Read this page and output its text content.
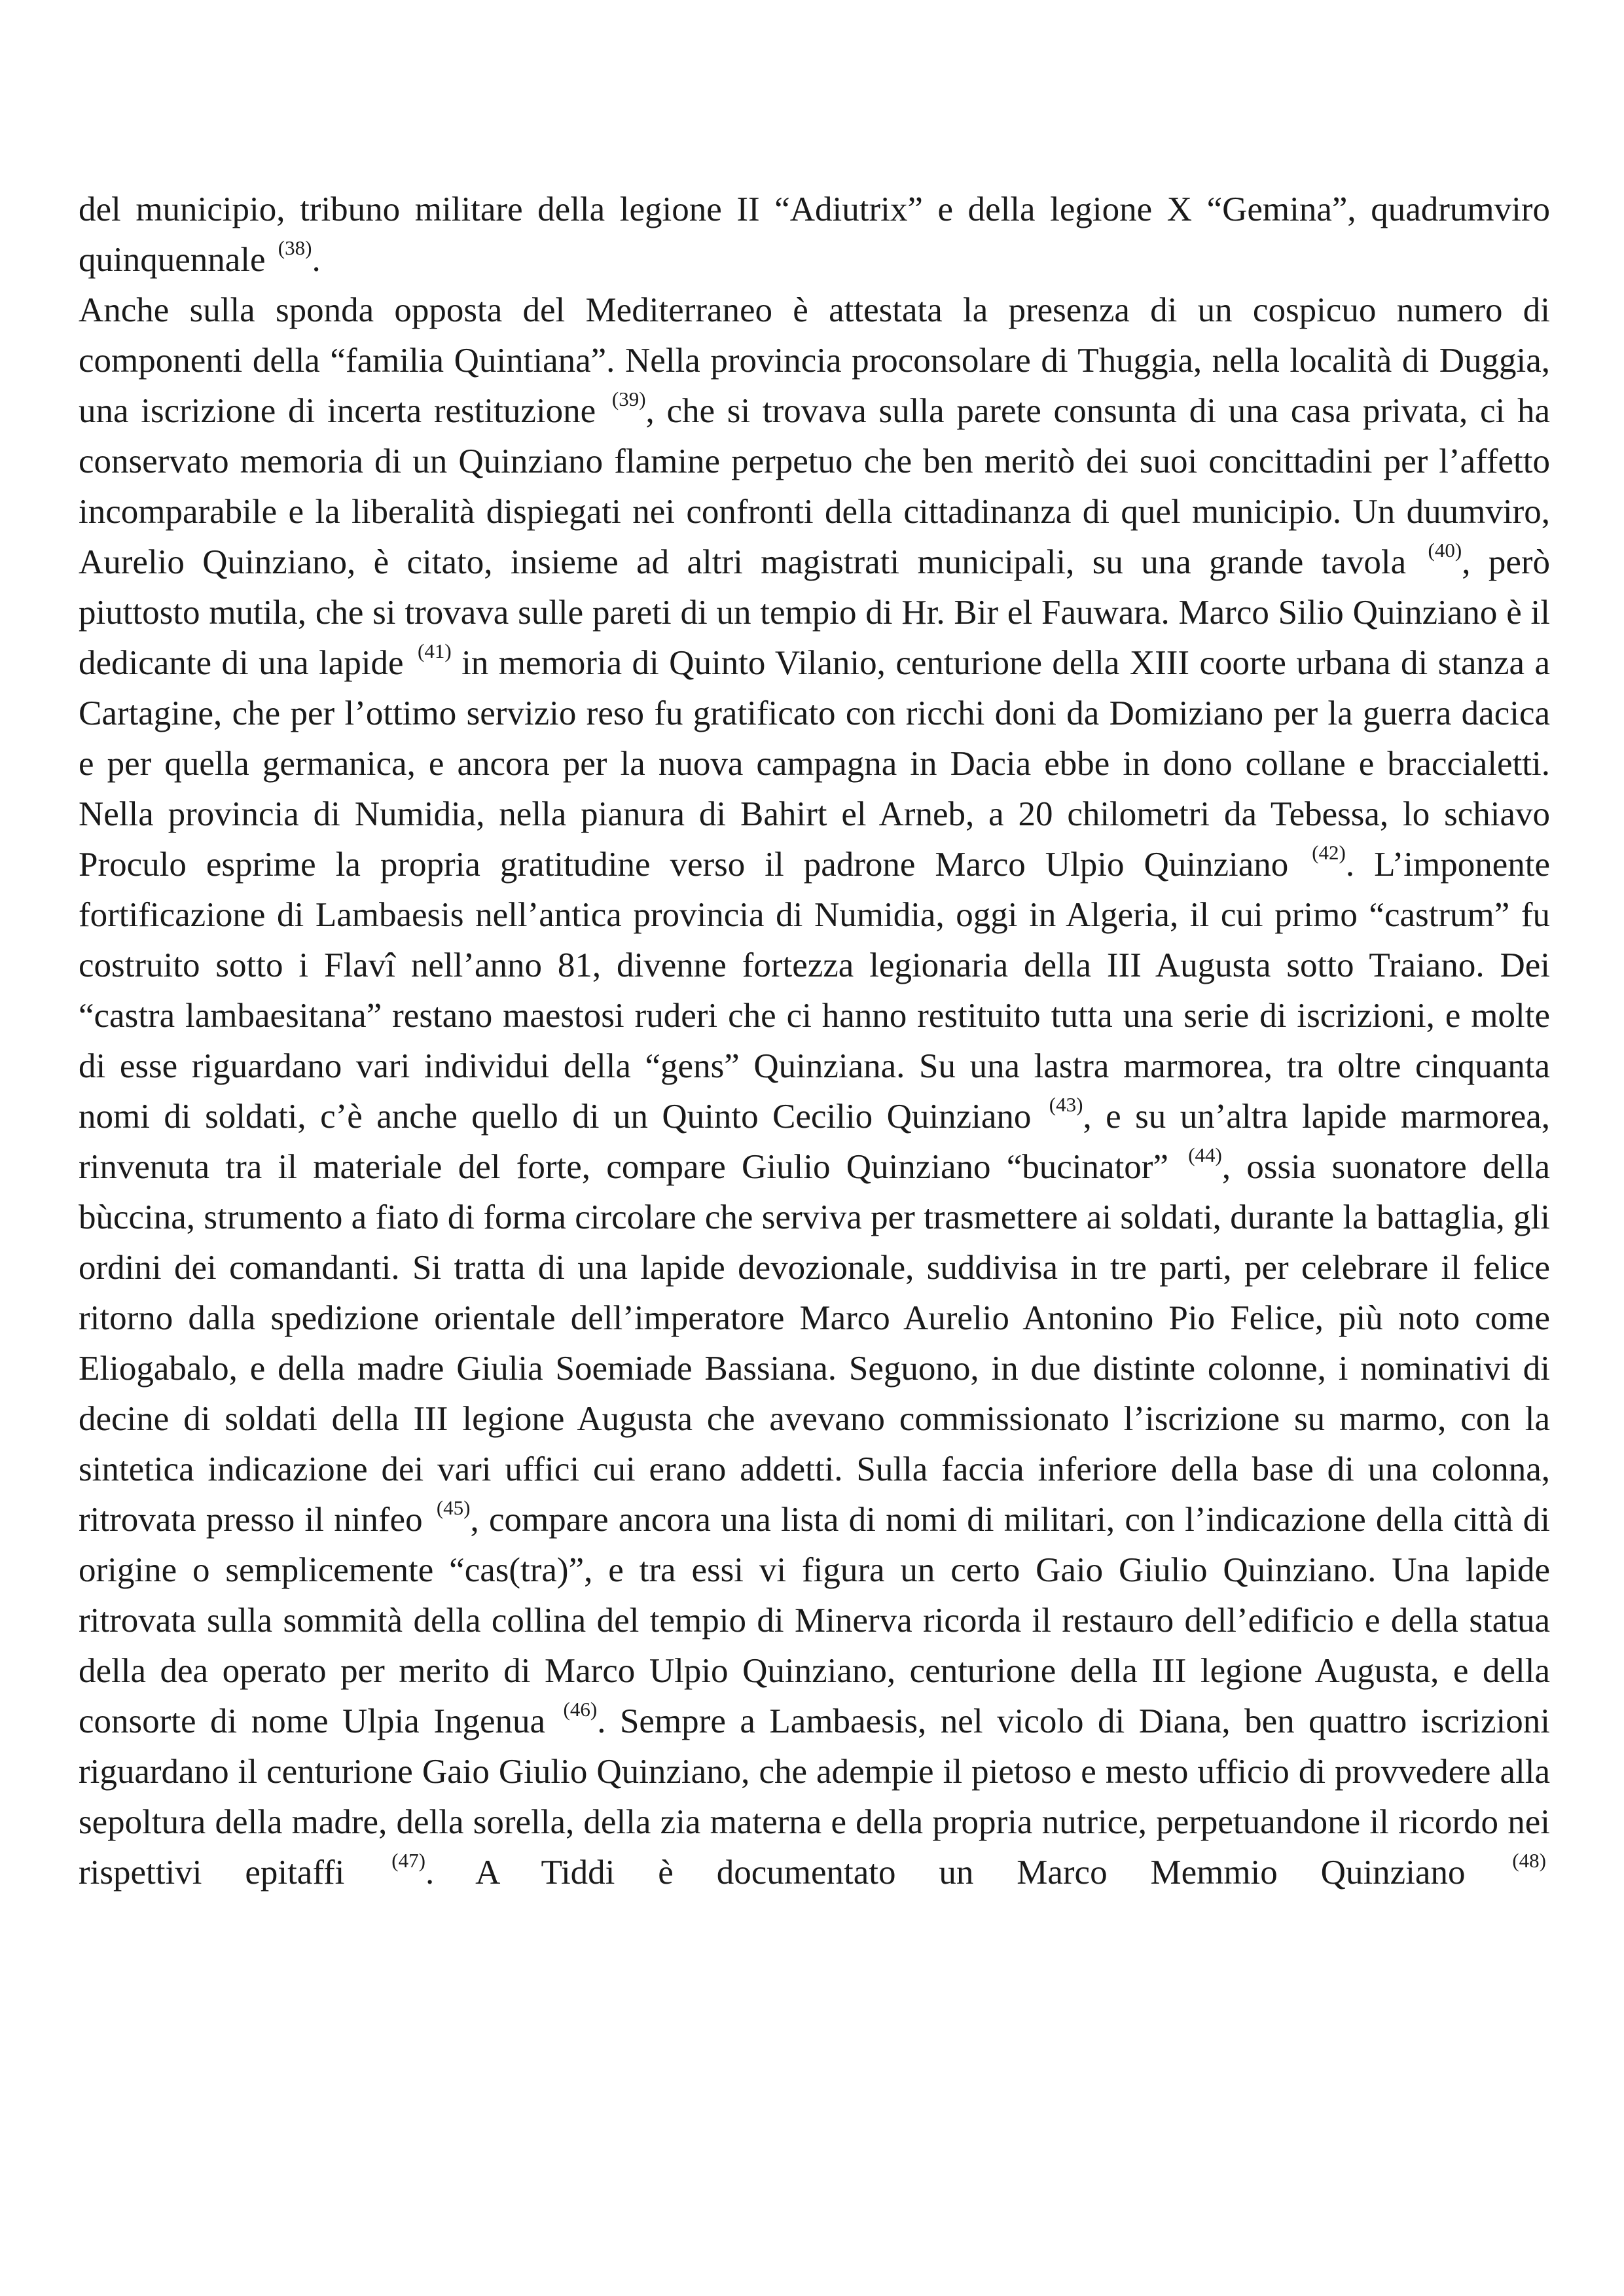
del municipio, tribuno militare della legione II “Adiutrix” e della legione X “Gemina”, quadrumviro quinquennale $^{(38)}$.

Anche sulla sponda opposta del Mediterraneo è attestata la presenza di un cospicuo numero di componenti della “familia Quintiana”. Nella provincia proconsolare di Thuggia, nella località di Duggia, una iscrizione di incerta restituzione $^{(39)}$, che si trovava sulla parete consunta di una casa privata, ci ha conservato memoria di un Quinziano flamine perpetuo che ben meritò dei suoi concittadini per l’affetto incomparabile e la liberalità dispiegati nei confronti della cittadinanza di quel municipio. Un duumviro, Aurelio Quinziano, è citato, insieme ad altri magistrati municipali, su una grande tavola $^{(40)}$, però piuttosto mutila, che si trovava sulle pareti di un tempio di Hr. Bir el Fauwara. Marco Silio Quinziano è il dedicante di una lapide $^{(41)}$ in memoria di Quinto Vilanio, centurione della XIII coorte urbana di stanza a Cartagine, che per l’ottimo servizio reso fu gratificato con ricchi doni da Domiziano per la guerra dacica e per quella germanica, e ancora per la nuova campagna in Dacia ebbe in dono collane e braccialetti. Nella provincia di Numidia, nella pianura di Bahirt el Arneb, a 20 chilometri da Tebessa, lo schiavo Proculo esprime la propria gratitudine verso il padrone Marco Ulpio Quinziano $^{(42)}$. L’imponente fortificazione di Lambaesis nell’antica provincia di Numidia, oggi in Algeria, il cui primo “castrum” fu costruito sotto i Flavî nell’anno 81, divenne fortezza legionaria della III Augusta sotto Traiano. Dei “castra lambaesitana” restano maestosi ruderi che ci hanno restituito tutta una serie di iscrizioni, e molte di esse riguardano vari individui della “gens” Quinziana. Su una lastra marmorea, tra oltre cinquanta nomi di soldati, c’è anche quello di un Quinto Cecilio Quinziano $^{(43)}$, e su un’altra lapide marmorea, rinvenuta tra il materiale del forte, compare Giulio Quinziano “bucinator” $^{(44)}$, ossia suonatore della bùccina, strumento a fiato di forma circolare che serviva per trasmettere ai soldati, durante la battaglia, gli ordini dei comandanti. Si tratta di una lapide devozionale, suddivisa in tre parti, per celebrare il felice ritorno dalla spedizione orientale dell’imperatore Marco Aurelio Antonino Pio Felice, più noto come Eliogabalo, e della madre Giulia Soemiade Bassiana. Seguono, in due distinte colonne, i nominativi di decine di soldati della III legione Augusta che avevano commissionato l’iscrizione su marmo, con la sintetica indicazione dei vari uffici cui erano addetti. Sulla faccia inferiore della base di una colonna, ritrovata presso il ninfeo $^{(45)}$, compare ancora una lista di nomi di militari, con l’indicazione della città di origine o semplicemente “cas(tra)”, e tra essi vi figura un certo Gaio Giulio Quinziano. Una lapide ritrovata sulla sommità della collina del tempio di Minerva ricorda il restauro dell’edificio e della statua della dea operato per merito di Marco Ulpio Quinziano, centurione della III legione Augusta, e della consorte di nome Ulpia Ingenua $^{(46)}$. Sempre a Lambaesis, nel vicolo di Diana, ben quattro iscrizioni riguardano il centurione Gaio Giulio Quinziano, che adempie il pietoso e mesto ufficio di provvedere alla sepoltura della madre, della sorella, della zia materna e della propria nutrice, perpetuandone il ricordo nei rispettivi epitaffi $^{(47)}$. A Tiddi è documentato un Marco Memmio Quinziano $^{(48)}$
